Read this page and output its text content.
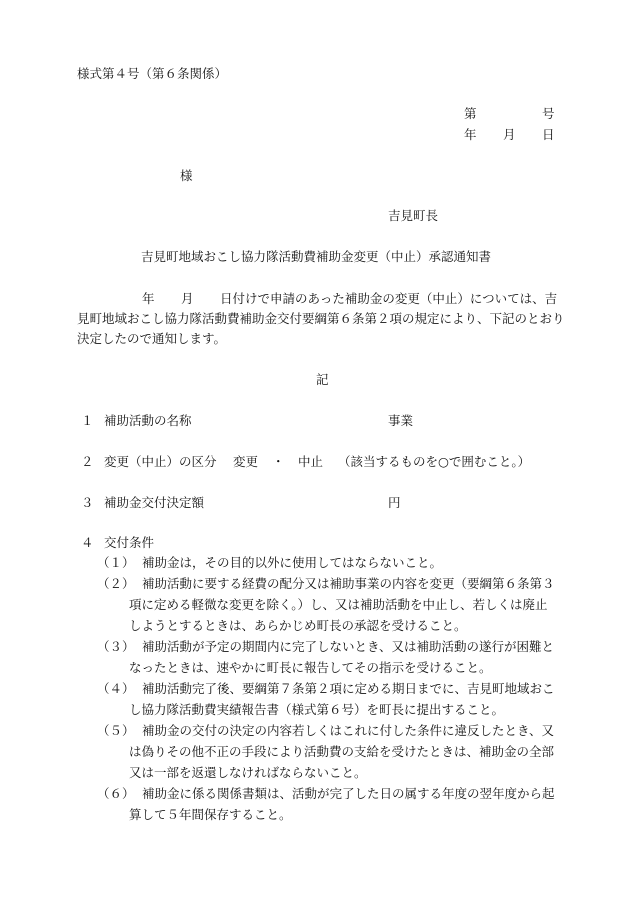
様式第４号（第６条関係）
第	号
年 月 日
様
吉見町長
吉見町地域おこし協力隊活動費補助金変更（中止）承認通知書
年 月 日付けで申請のあった補助金の変更（中止）については、吉
見町地域おこし協力隊活動費補助金交付要綱第６条第２項の規定により、下記のとおり
決定したので通知します。
記
１ 補助活動の名称	事業
２ 変更（中止）の区分 変更 ・ 中止 （該当するものを○で囲むこと。）
３ 補助金交付決定額	円
４ 交付条件
（１） 補助金は，その目的以外に使用してはならないこと。
（２） 補助活動に要する経費の配分又は補助事業の内容を変更（要綱第６条第３
項に定める軽微な変更を除く。）し、又は補助活動を中止し、若しくは廃止
しようとするときは、あらかじめ町長の承認を受けること。
（３） 補助活動が予定の期間内に完了しないとき、又は補助活動の遂行が困難と
なったときは、速やかに町長に報告してその指示を受けること。
（４） 補助活動完了後、要綱第７条第２項に定める期日までに、吉見町地域おこ
し協力隊活動費実績報告書（様式第６号）を町長に提出すること。
（５） 補助金の交付の決定の内容若しくはこれに付した条件に違反したとき、又
は偽りその他不正の手段により活動費の支給を受けたときは、補助金の全部
又は一部を返還しなければならないこと。
（６） 補助金に係る関係書類は、活動が完了した日の属する年度の翌年度から起
算して５年間保存すること。
